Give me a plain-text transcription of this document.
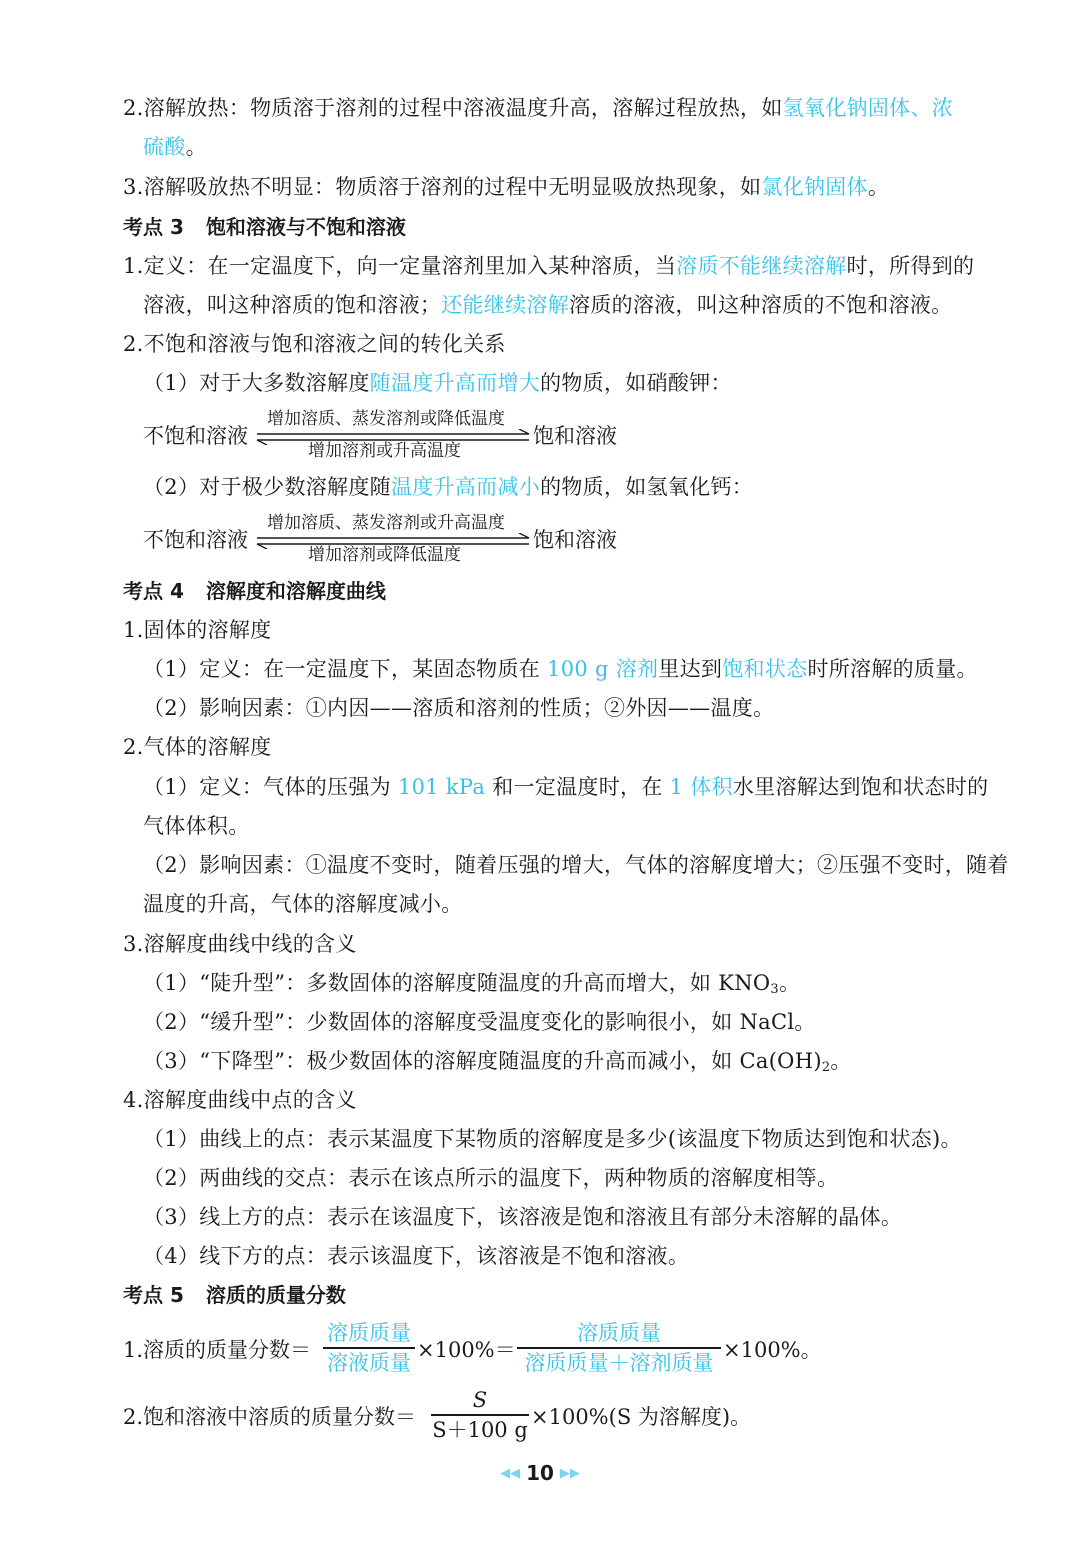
2.溶解放热：物质溶于溶剂的过程中溶液温度升高，溶解过程放热，如氢氧化钠固体、浓
硫酸。
3.溶解吸放热不明显：物质溶于溶剂的过程中无明显吸放热现象，如氯化钠固体。
考点 3 饱和溶液与不饱和溶液
1.定义：在一定温度下，向一定量溶剂里加入某种溶质，当溶质不能继续溶解时，所得到的
溶液，叫这种溶质的饱和溶液；还能继续溶解溶质的溶液，叫这种溶质的不饱和溶液。
2.不饱和溶液与饱和溶液之间的转化关系
（1）对于大多数溶解度随温度升高而增大的物质，如硝酸钾：
不饱和溶液
增加溶质、蒸发溶剂或降低温度
增加溶剂或升高温度
饱和溶液
（2）对于极少数溶解度随温度升高而减小的物质，如氢氧化钙：
不饱和溶液
增加溶质、蒸发溶剂或升高温度
增加溶剂或降低温度
饱和溶液
考点 4 溶解度和溶解度曲线
1.固体的溶解度
（1）定义：在一定温度下，某固态物质在 100 g 溶剂里达到饱和状态时所溶解的质量。
（2）影响因素：①内因——溶质和溶剂的性质；②外因——温度。
2.气体的溶解度
（1）定义：气体的压强为 101 kPa 和一定温度时，在 1 体积水里溶解达到饱和状态时的
气体体积。
（2）影响因素：①温度不变时，随着压强的增大，气体的溶解度增大；②压强不变时，随着
温度的升高，气体的溶解度减小。
3.溶解度曲线中线的含义
（1）“陡升型”：多数固体的溶解度随温度的升高而增大，如 $KNO_3$。
（2）“缓升型”：少数固体的溶解度受温度变化的影响很小，如 NaCl。
（3）“下降型”：极少数固体的溶解度随温度的升高而减小，如 $Ca(OH)_2$。
4.溶解度曲线中点的含义
（1）曲线上的点：表示某温度下某物质的溶解度是多少(该温度下物质达到饱和状态)。
（2）两曲线的交点：表示在该点所示的温度下，两种物质的溶解度相等。
（3）线上方的点：表示在该温度下，该溶液是饱和溶液且有部分未溶解的晶体。
（4）线下方的点：表示该温度下，该溶液是不饱和溶液。
考点 5 溶质的质量分数
1.溶质的质量分数＝
溶质质量
溶液质量
×100%＝
溶质质量
溶质质量＋溶剂质量
×100%。
2.饱和溶液中溶质的质量分数＝
S
S＋100 g
×100%(S 为溶解度)。
◀◀ 10 ▶▶
